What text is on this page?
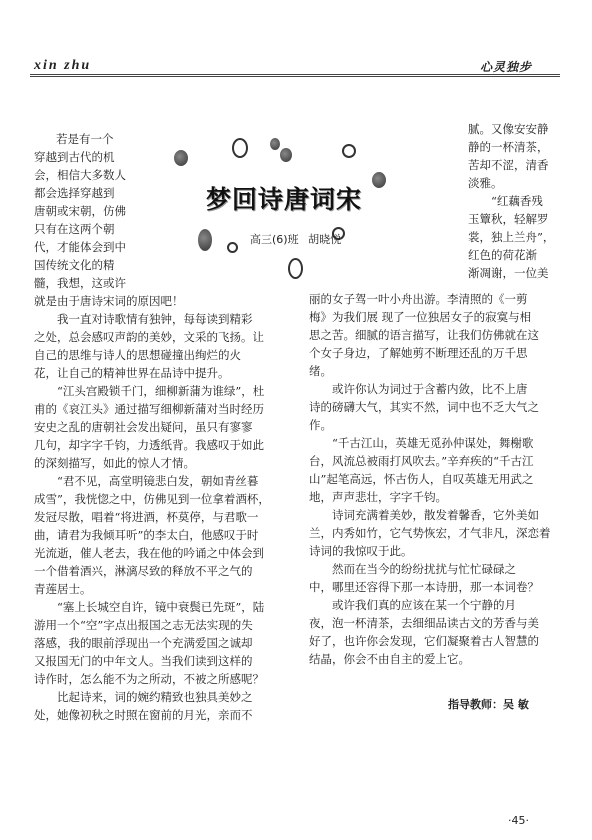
xin zhu	心灵独步
梦回诗唐词宋
高三(6)班 胡晓悦
若是有一个
穿越到古代的机
会，相信大多数人
都会选择穿越到
唐朝或宋朝，仿佛
只有在这两个朝
代，才能体会到中
国传统文化的精
髓，我想，这或许
就是由于唐诗宋词的原因吧！
我一直对诗歌情有独钟，每每读到精彩
之处，总会感叹声韵的美妙，文采的飞扬。让
自己的思维与诗人的思想碰撞出绚烂的火
花，让自己的精神世界在品诗中提升。
“江头宫殿锁千门，细柳新蒲为谁绿”，杜
甫的《哀江头》通过描写细柳新蒲对当时经历
安史之乱的唐朝社会发出疑问，虽只有寥寥
几句，却字字千钧，力透纸背。我感叹于如此
的深刻描写，如此的惊人才情。
“君不见，高堂明镜悲白发，朝如青丝暮
成雪”，我恍惚之中，仿佛见到一位拿着酒杯，
发冠尽散，唱着“将进酒，杯莫停，与君歌一
曲，请君为我倾耳听”的李太白，他感叹于时
光流逝，催人老去，我在他的吟诵之中体会到
一个借着酒兴，淋漓尽致的释放不平之气的
青莲居士。
“塞上长城空自许，镜中衰鬓已先斑”，陆
游用一个“空”字点出报国之志无法实现的失
落感，我的眼前浮现出一个充满爱国之诚却
又报国无门的中年文人。当我们读到这样的
诗作时，怎么能不为之所动，不被之所感呢？
比起诗来，词的婉约精致也独具美妙之
处，她像初秋之时照在窗前的月光，亲而不
腻。又像安安静
静的一杯清茶，
苦却不涩，清香
淡雅。
“红藕香残
玉簟秋，轻解罗
裳，独上兰舟”，
红色的荷花渐
渐凋谢，一位美
丽的女子驾一叶小舟出游。李清照的《一剪
梅》为我们展 现了一位独居女子的寂寞与相
思之苦。细腻的语言描写，让我们仿佛就在这
个女子身边，了解她剪不断理还乱的万千思
绪。
或许你认为词过于含蓄内敛，比不上唐
诗的磅礴大气，其实不然，词中也不乏大气之
作。
“千古江山，英雄无觅孙仲谋处，舞榭歌
台，风流总被雨打风吹去。”辛弃疾的“千古江
山”起笔高远，怀古伤人，自叹英雄无用武之
地，声声悲壮，字字千钧。
诗词充满着美妙，散发着馨香，它外美如
兰，内秀如竹，它气势恢宏，才气非凡，深恋着
诗词的我惊叹于此。
然而在当今的纷纷扰扰与忙忙碌碌之
中，哪里还容得下那一本诗册，那一本词卷？
或许我们真的应该在某一个宁静的月
夜，泡一杯清茶，去细细品读古文的芳香与美
好了，也许你会发现，它们凝聚着古人智慧的
结晶，你会不由自主的爱上它。
指导教师：吴 敏
·45·
